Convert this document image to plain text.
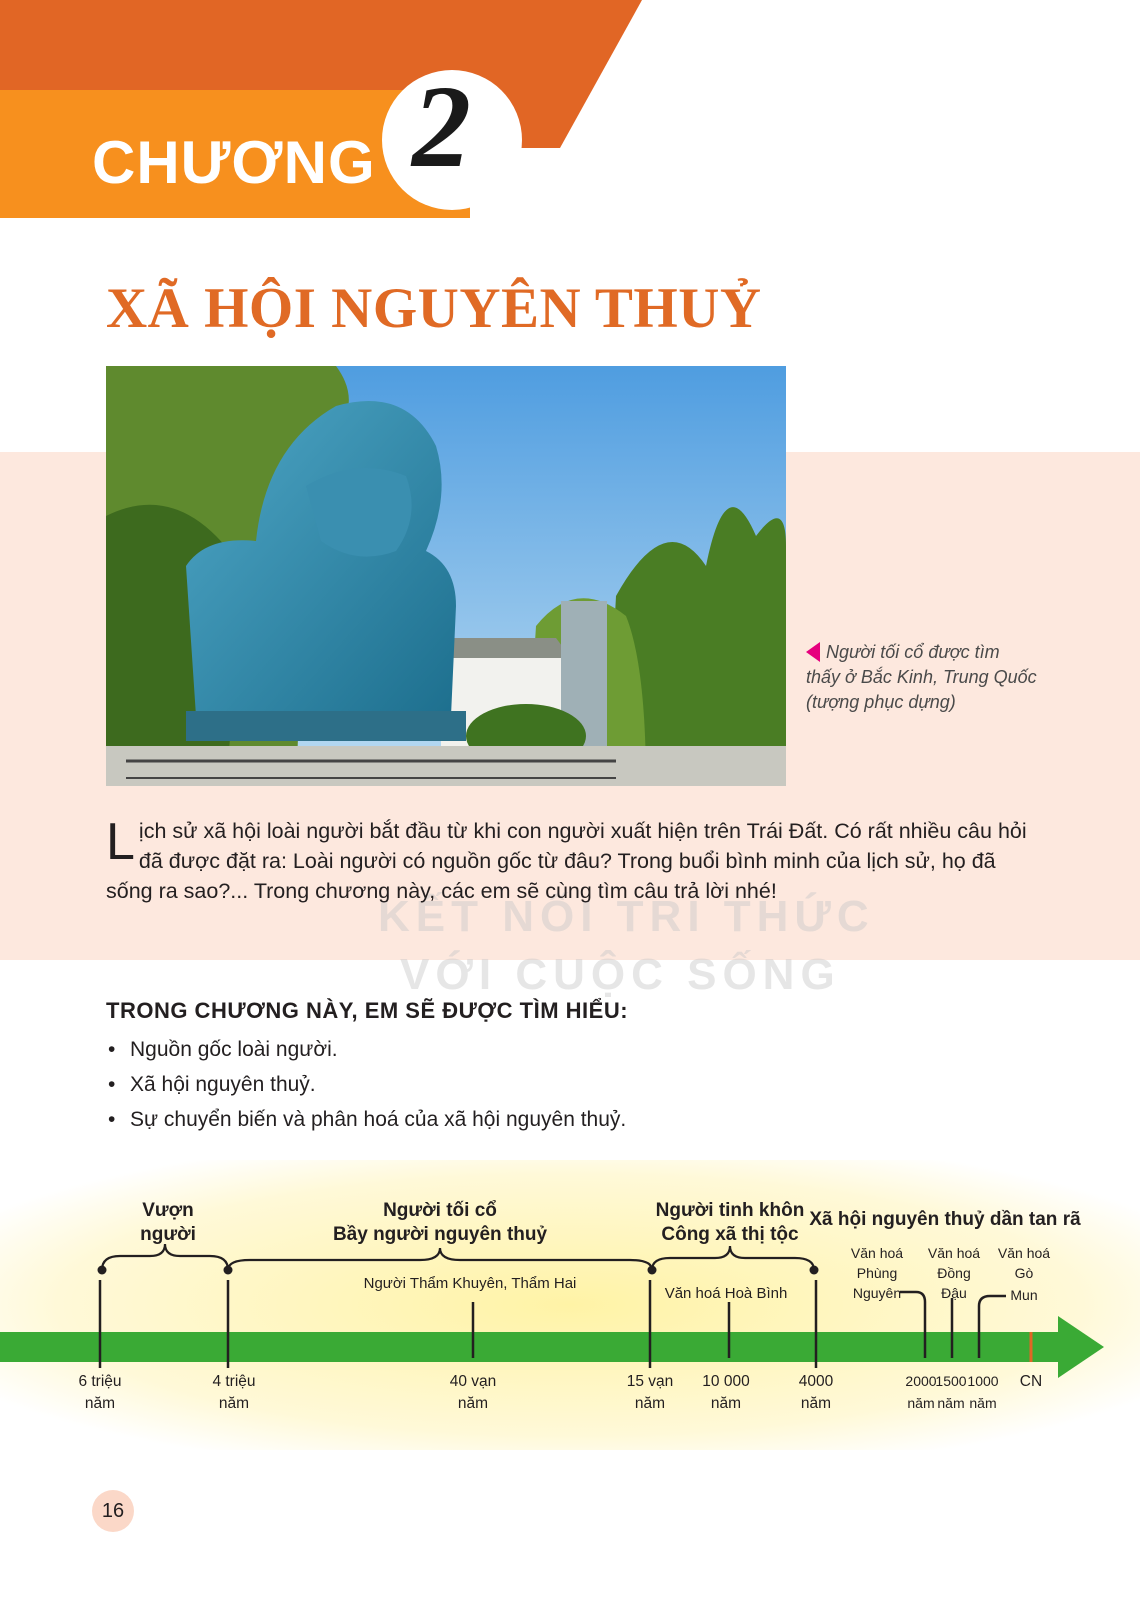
CHƯƠNG 2
XÃ HỘI NGUYÊN THUỶ
Người tối cổ được tìm
thấy ở Bắc Kinh, Trung Quốc
(tượng phục dựng)
KẾT NỐI TRI THỨC
VỚI CUỘC SỐNG
L ịch sử xã hội loài người bắt đầu từ khi con người xuất hiện trên Trái Đất. Có rất nhiều câu hỏi đã được đặt ra: Loài người có nguồn gốc từ đâu? Trong buổi bình minh của lịch sử, họ đã sống ra sao?... Trong chương này, các em sẽ cùng tìm câu trả lời nhé!
TRONG CHƯƠNG NÀY, EM SẼ ĐƯỢC TÌM HIỂU:
• Nguồn gốc loài người.
• Xã hội nguyên thuỷ.
• Sự chuyển biến và phân hoá của xã hội nguyên thuỷ.
Vượn
người
Người tối cổ
Bầy người nguyên thuỷ
Người Thẩm Khuyên, Thẩm Hai
Người tinh khôn
Công xã thị tộc
Văn hoá Hoà Bình
Xã hội nguyên thuỷ dần tan rã
Văn hoá
Phùng
Nguyên
Văn hoá
Đồng
Đậu
Văn hoá
Gò
Mun
6 triệu
năm
4 triệu
năm
40 vạn
năm
15 vạn
năm
10 000
năm
4000
năm
2000
năm
1500
năm
1000
năm
CN
16
